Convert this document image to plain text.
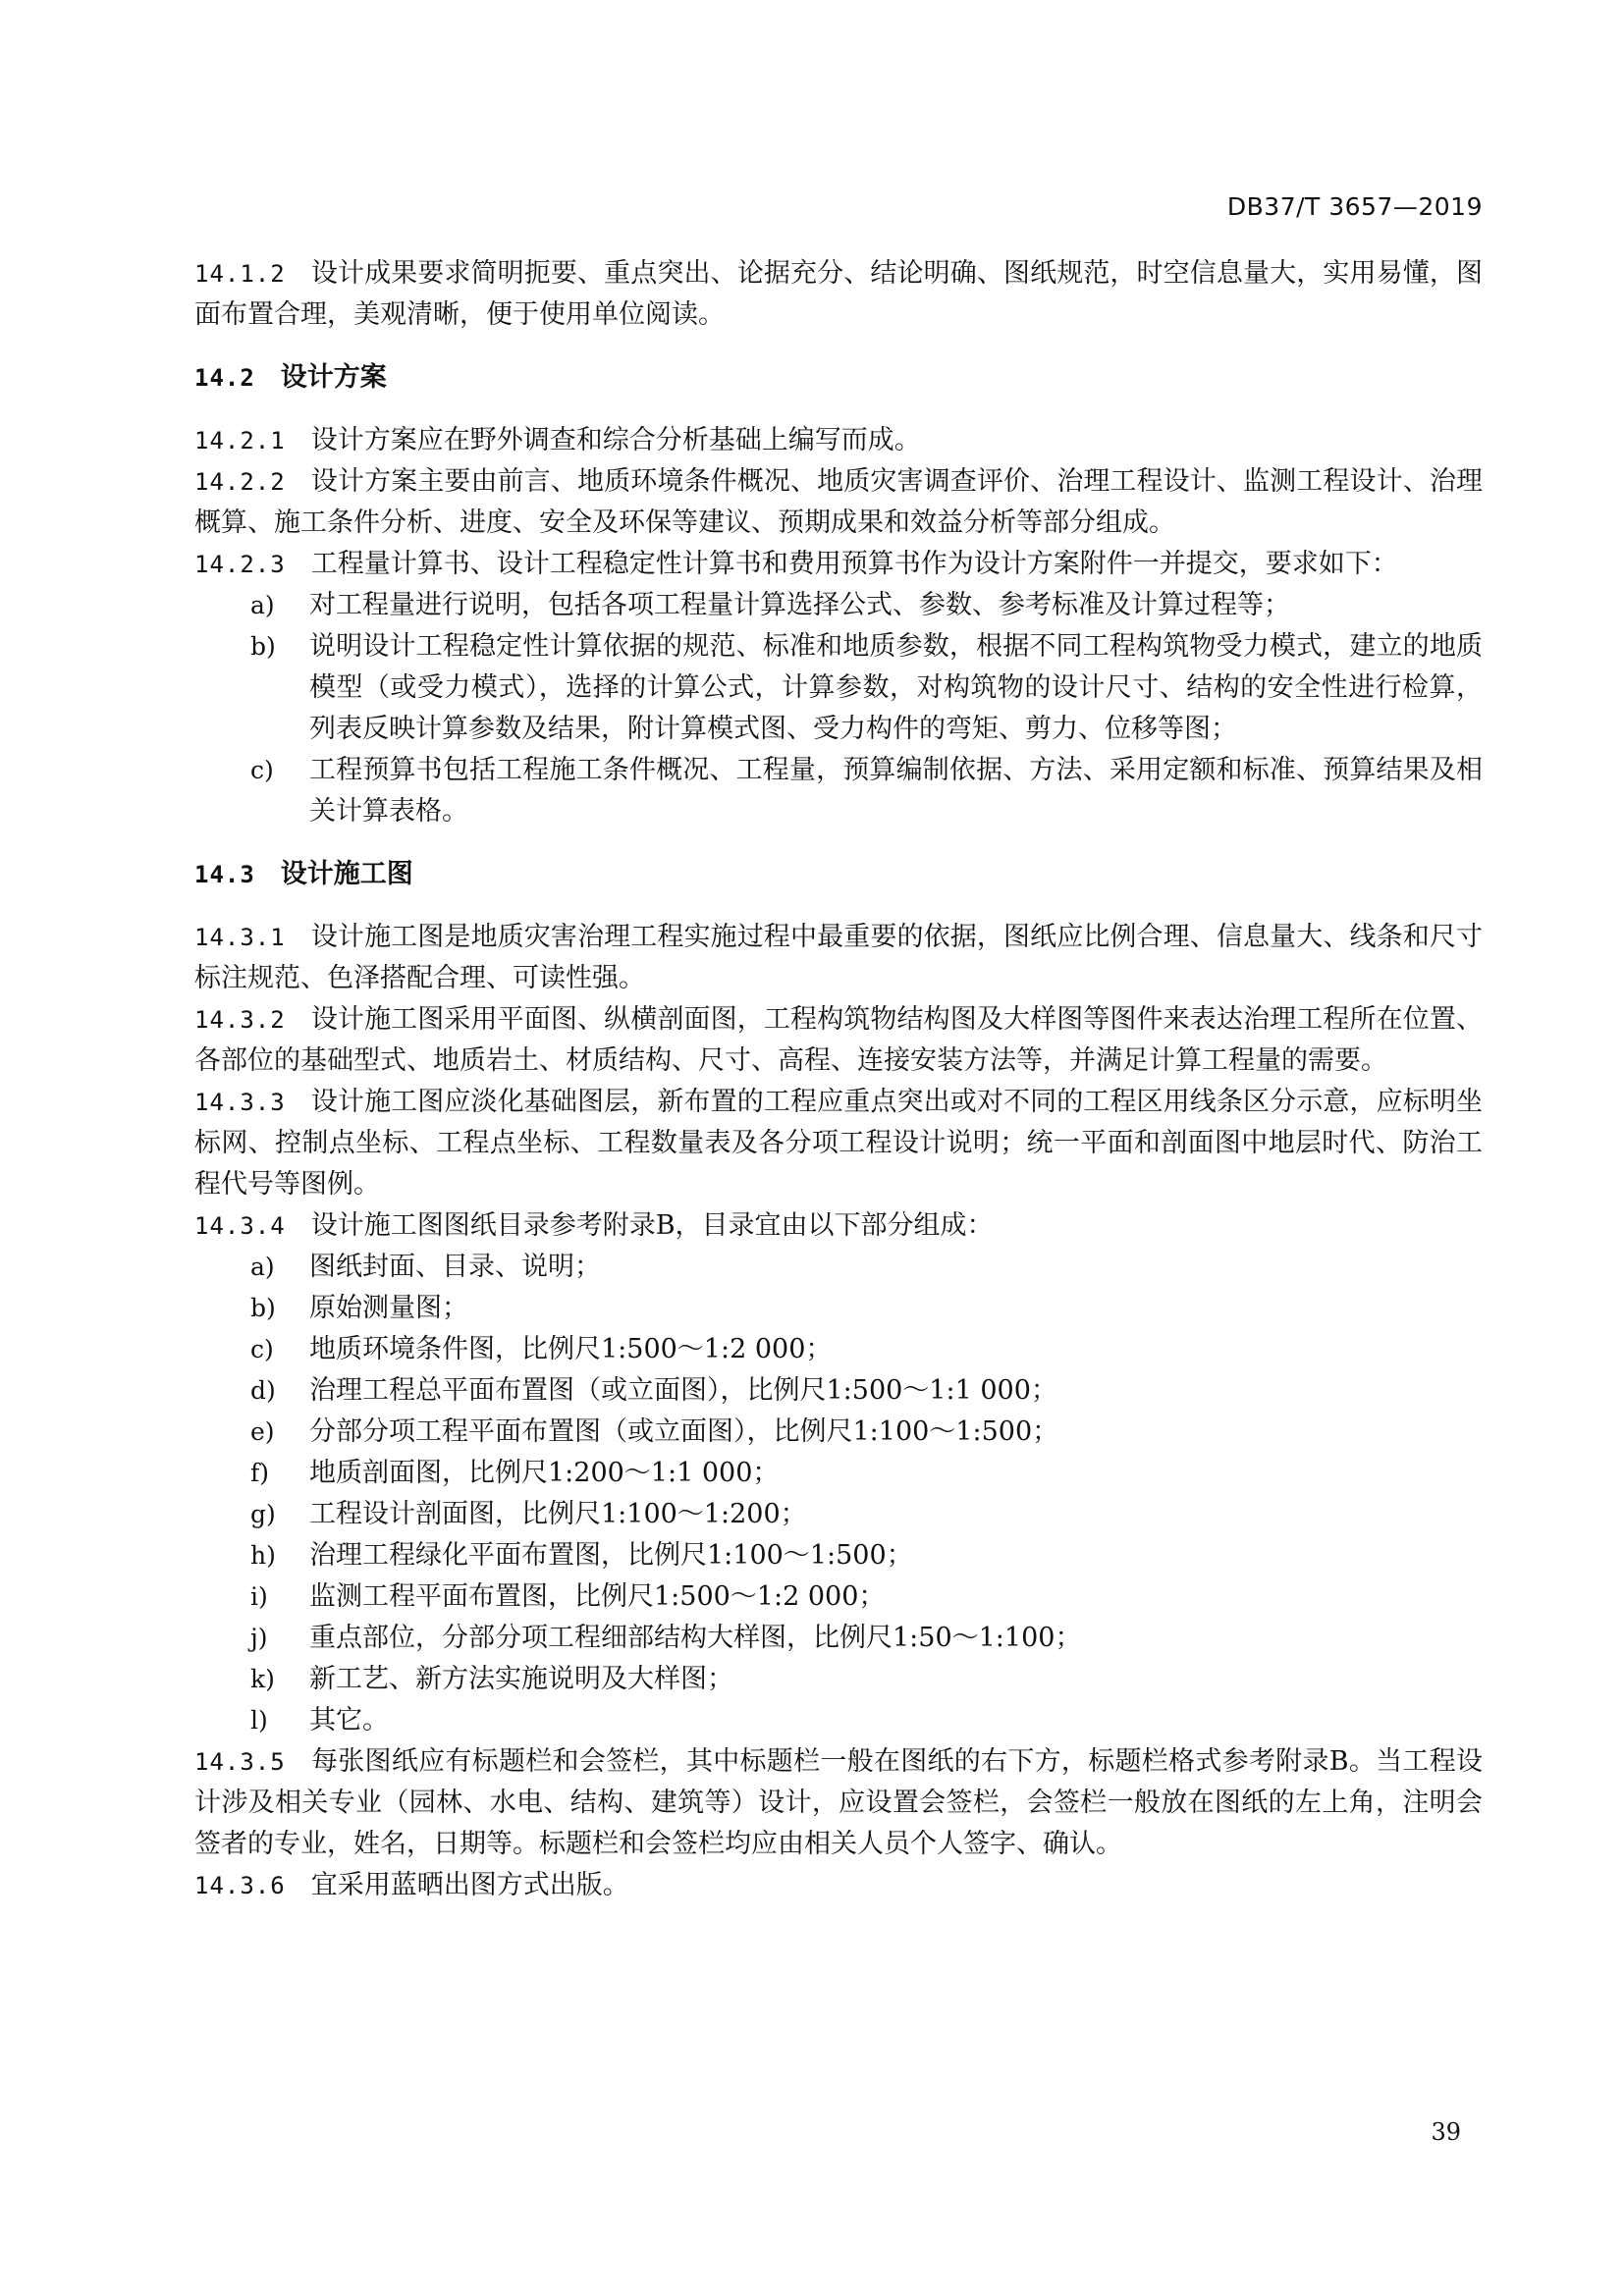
DB37/T 3657—2019

14.1.2 设计成果要求简明扼要、重点突出、论据充分、结论明确、图纸规范，时空信息量大，实用易懂，图面布置合理，美观清晰，便于使用单位阅读。

14.2 设计方案

14.2.1 设计方案应在野外调查和综合分析基础上编写而成。

14.2.2 设计方案主要由前言、地质环境条件概况、地质灾害调查评价、治理工程设计、监测工程设计、治理概算、施工条件分析、进度、安全及环保等建议、预期成果和效益分析等部分组成。

14.2.3 工程量计算书、设计工程稳定性计算书和费用预算书作为设计方案附件一并提交，要求如下：

a) 对工程量进行说明，包括各项工程量计算选择公式、参数、参考标准及计算过程等；
b) 说明设计工程稳定性计算依据的规范、标准和地质参数，根据不同工程构筑物受力模式，建立的地质模型（或受力模式），选择的计算公式，计算参数，对构筑物的设计尺寸、结构的安全性进行检算，列表反映计算参数及结果，附计算模式图、受力构件的弯矩、剪力、位移等图；
c) 工程预算书包括工程施工条件概况、工程量，预算编制依据、方法、采用定额和标准、预算结果及相关计算表格。
14.3 设计施工图

14.3.1 设计施工图是地质灾害治理工程实施过程中最重要的依据，图纸应比例合理、信息量大、线条和尺寸标注规范、色泽搭配合理、可读性强。

14.3.2 设计施工图采用平面图、纵横剖面图，工程构筑物结构图及大样图等图件来表达治理工程所在位置、各部位的基础型式、地质岩土、材质结构、尺寸、高程、连接安装方法等，并满足计算工程量的需要。

14.3.3 设计施工图应淡化基础图层，新布置的工程应重点突出或对不同的工程区用线条区分示意，应标明坐标网、控制点坐标、工程点坐标、工程数量表及各分项工程设计说明；统一平面和剖面图中地层时代、防治工程代号等图例。

14.3.4 设计施工图图纸目录参考附录B，目录宜由以下部分组成：

a) 图纸封面、目录、说明；
b) 原始测量图；
c) 地质环境条件图，比例尺1:500～1:2 000；
d) 治理工程总平面布置图（或立面图），比例尺1:500～1:1 000；
e) 分部分项工程平面布置图（或立面图），比例尺1:100～1:500；
f) 地质剖面图，比例尺1:200～1:1 000；
g) 工程设计剖面图，比例尺1:100～1:200；
h) 治理工程绿化平面布置图，比例尺1:100～1:500；
i) 监测工程平面布置图，比例尺1:500～1:2 000；
j) 重点部位，分部分项工程细部结构大样图，比例尺1:50～1:100；
k) 新工艺、新方法实施说明及大样图；
l) 其它。

14.3.5 每张图纸应有标题栏和会签栏，其中标题栏一般在图纸的右下方，标题栏格式参考附录B。当工程设计涉及相关专业（园林、水电、结构、建筑等）设计，应设置会签栏，会签栏一般放在图纸的左上角，注明会签者的专业，姓名，日期等。标题栏和会签栏均应由相关人员个人签字、确认。

14.3.6 宜采用蓝晒出图方式出版。

39
